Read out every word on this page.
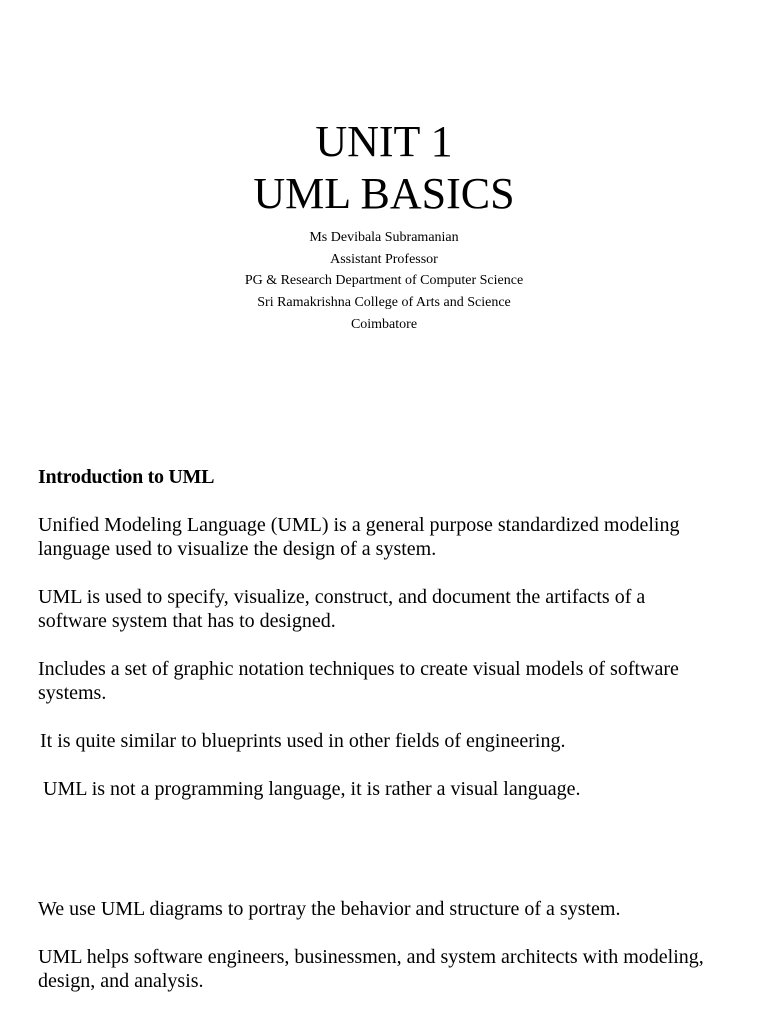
UNIT 1
UML BASICS
Ms Devibala Subramanian
Assistant Professor
PG & Research Department of Computer Science
Sri Ramakrishna College of Arts and Science
Coimbatore

Introduction to UML

Unified Modeling Language (UML) is a general purpose standardized modeling language used to visualize the design of a system.

UML is used to specify, visualize, construct, and document the artifacts of a software system that has to designed.

Includes a set of graphic notation techniques to create visual models of software systems.

It is quite similar to blueprints used in other fields of engineering.

UML is not a programming language, it is rather a visual language.

We use UML diagrams to portray the behavior and structure of a system.

UML helps software engineers, businessmen, and system architects with modeling, design, and analysis.
